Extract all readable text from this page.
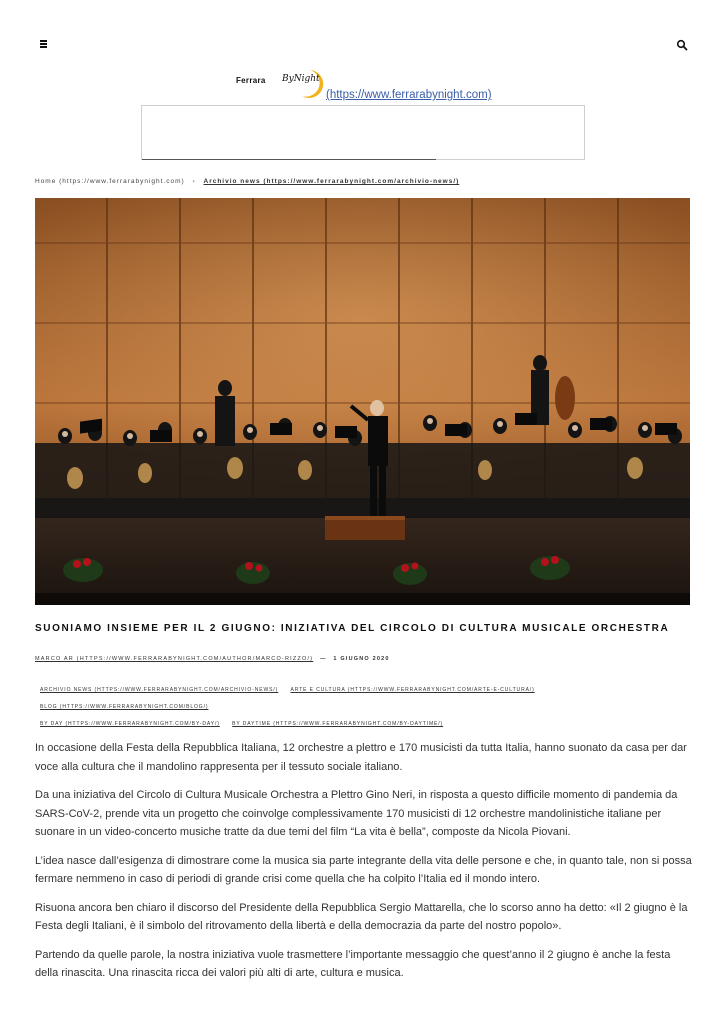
Ferrara ByNight
(https://www.ferrarabynight.com)
Home (https://www.ferrarabynight.com) › Archivio news (https://www.ferrarabynight.com/archivio-news/)
SUONIAMO INSIEME PER IL 2 GIUGNO: INIZIATIVA DEL CIRCOLO DI CULTURA MUSICALE ORCHESTRA
MARCO AR (HTTPS://WWW.FERRARABYNIGHT.COM/AUTHOR/MARCO-RIZZO/) — 1 GIUGNO 2020
ARCHIVIO NEWS (HTTPS://WWW.FERRARABYNIGHT.COM/ARCHIVIO-NEWS/) ARTE E CULTURA (HTTPS://WWW.FERRARABYNIGHT.COM/ARTE-E-CULTURA/) BLOG (HTTPS://WWW.FERRARABYNIGHT.COM/BLOG/)
BY DAY (HTTPS://WWW.FERRARABYNIGHT.COM/BY-DAY/) BY DAYTIME (HTTPS://WWW.FERRARABYNIGHT.COM/BY-DAYTIME/)

In occasione della Festa della Repubblica Italiana, 12 orchestre a plettro e 170 musicisti da tutta Italia, hanno suonato da casa per dar voce alla cultura che il mandolino rappresenta per il tessuto sociale italiano.

Da una iniziativa del Circolo di Cultura Musicale Orchestra a Plettro Gino Neri, in risposta a questo difficile momento di pandemia da SARS-CoV-2, prende vita un progetto che coinvolge complessivamente 170 musicisti di 12 orchestre mandolinistiche italiane per suonare in un video-concerto musiche tratte da due temi del film “La vita è bella”, composte da Nicola Piovani.

L’idea nasce dall’esigenza di dimostrare come la musica sia parte integrante della vita delle persone e che, in quanto tale, non si possa fermare nemmeno in caso di periodi di grande crisi come quella che ha colpito l’Italia ed il mondo intero.

Risuona ancora ben chiaro il discorso del Presidente della Repubblica Sergio Mattarella, che lo scorso anno ha detto: «Il 2 giugno è la Festa degli Italiani, è il simbolo del ritrovamento della libertà e della democrazia da parte del nostro popolo».

Partendo da quelle parole, la nostra iniziativa vuole trasmettere l’importante messaggio che quest’anno il 2 giugno è anche la festa della rinascita. Una rinascita ricca dei valori più alti di arte, cultura e musica.
